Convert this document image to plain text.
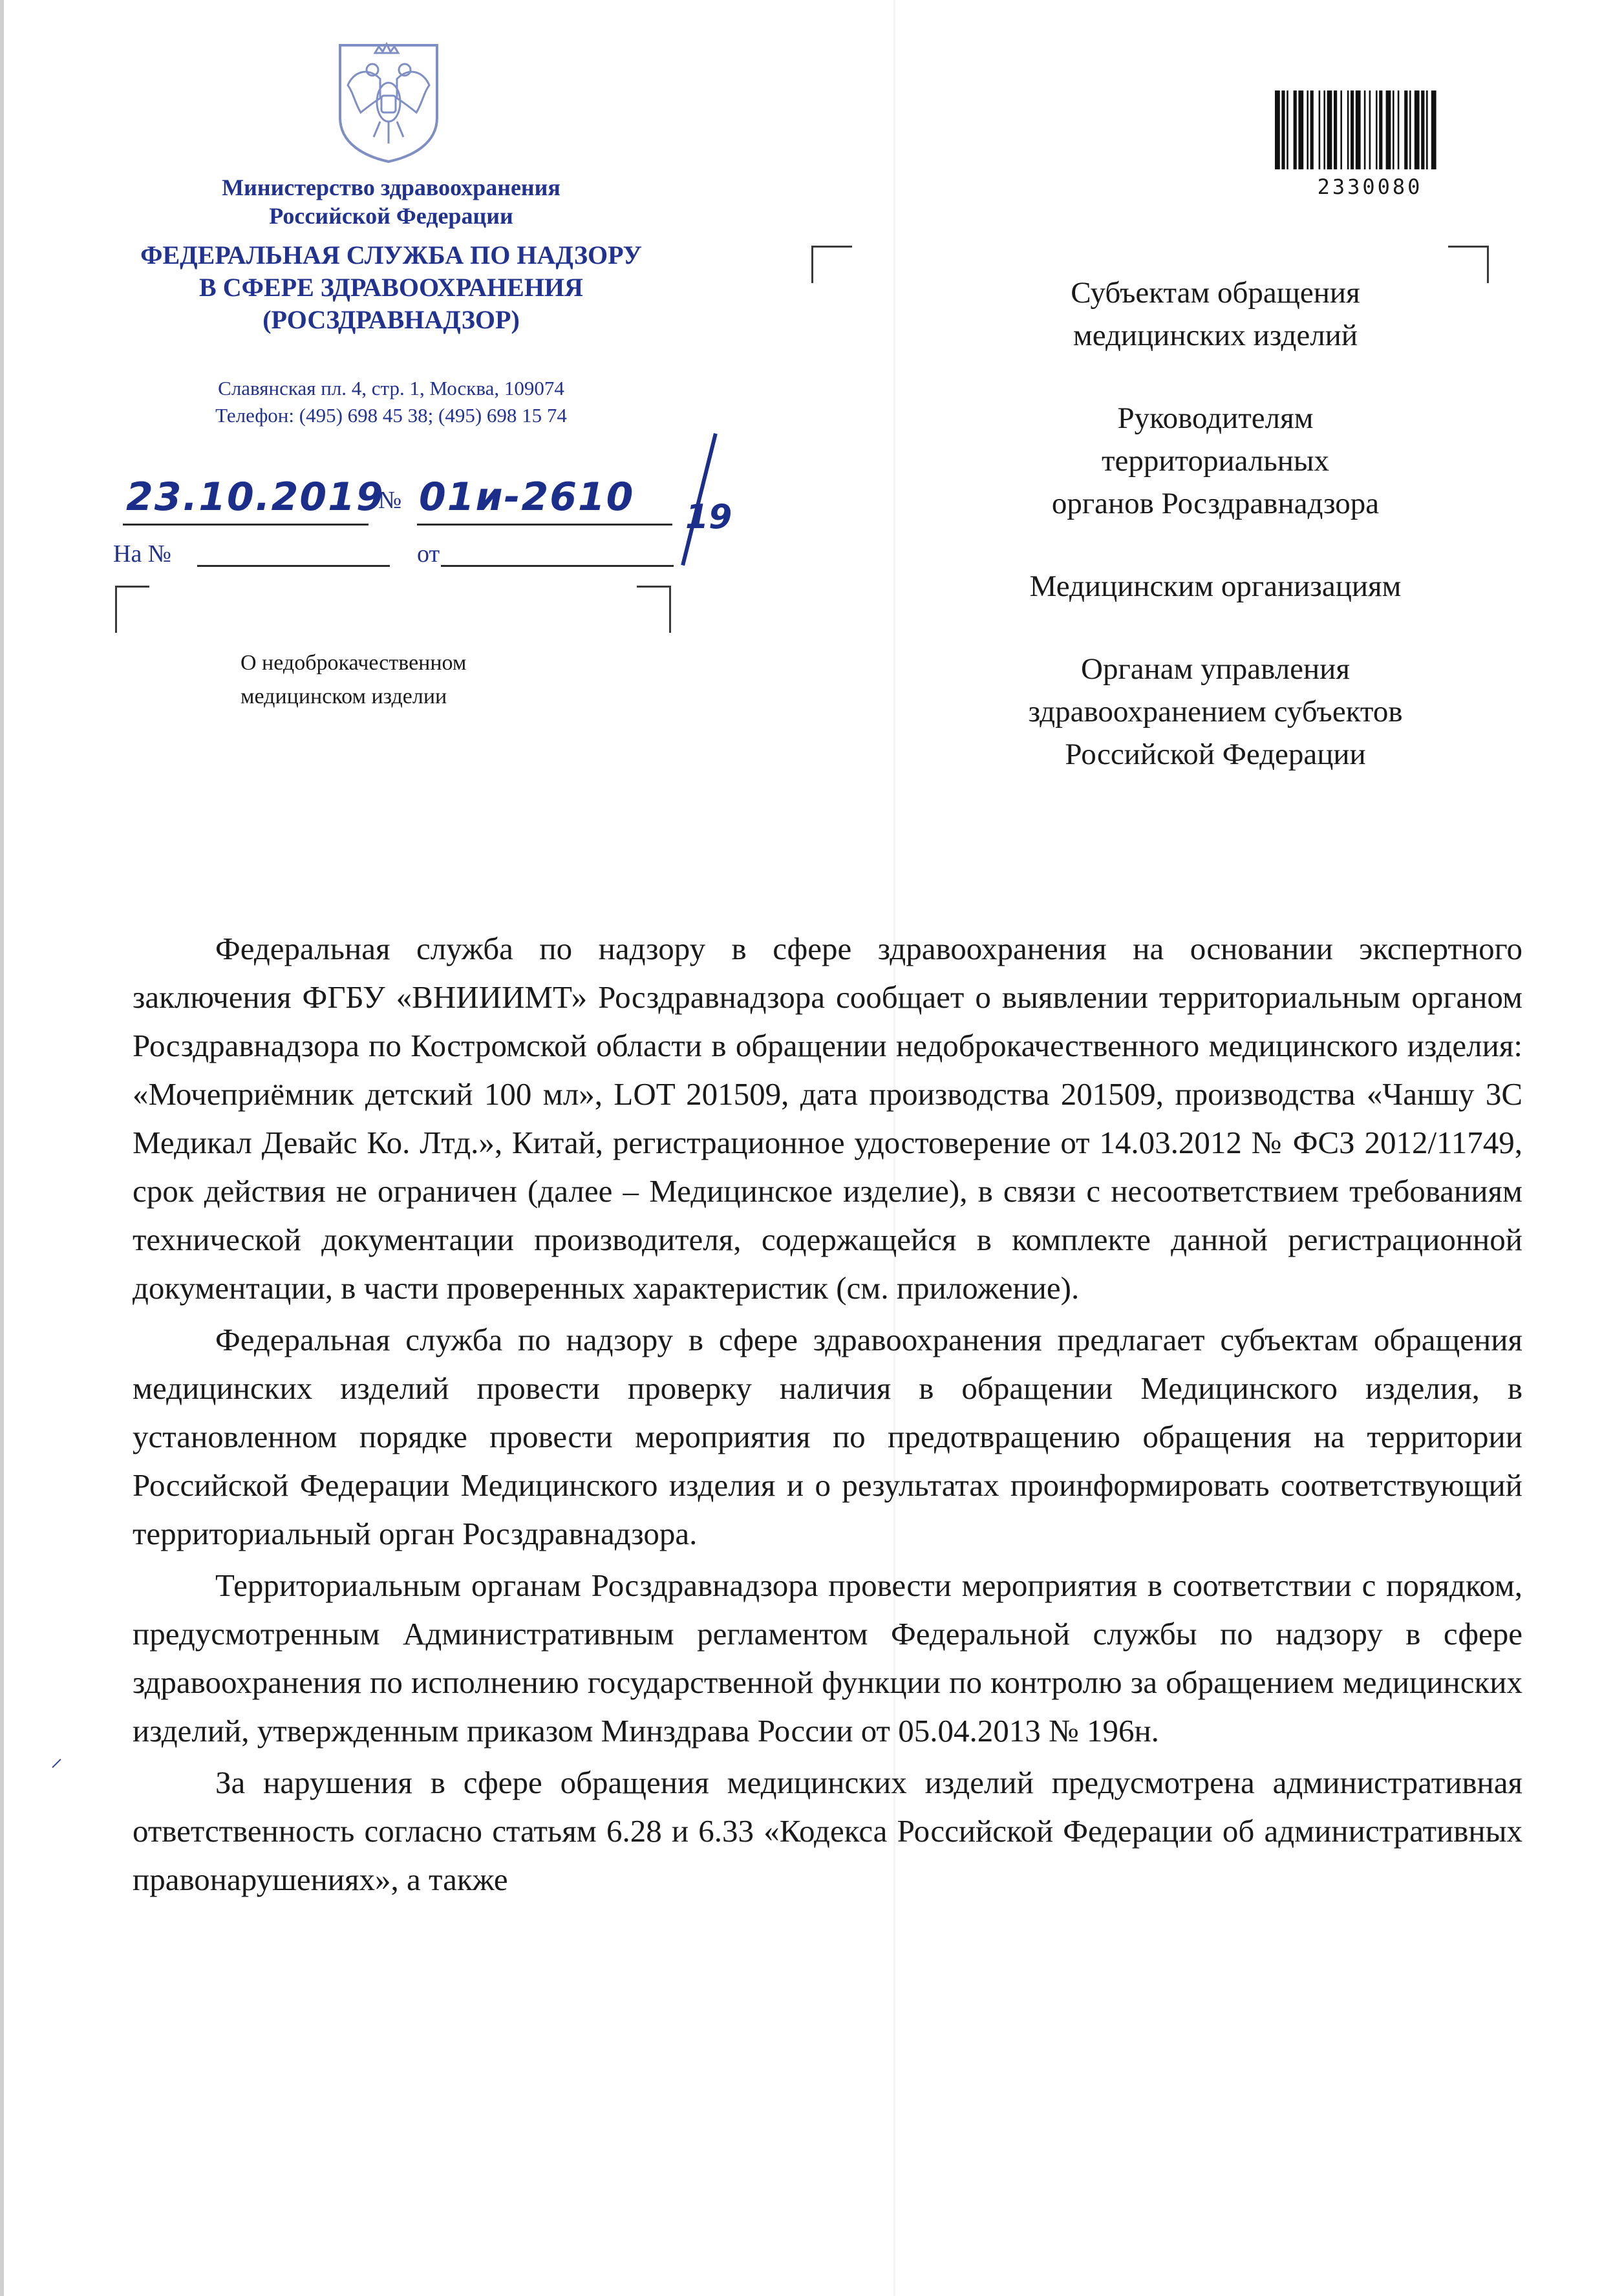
Министерство здравоохранения
Российской Федерации
ФЕДЕРАЛЬНАЯ СЛУЖБА ПО НАДЗОРУ
В СФЕРЕ ЗДРАВООХРАНЕНИЯ
(РОСЗДРАВНАДЗОР)
Славянская пл. 4, стр. 1, Москва, 109074
Телефон: (495) 698 45 38; (495) 698 15 74
23.10.2019
№ 01и-2610 19
На №	от
О недоброкачественном
медицинском изделии
2330080
Субъектам обращения
медицинских изделий
Руководителям
территориальных
органов Росздравнадзора
Медицинским организациям
Органам управления
здравоохранением субъектов
Российской Федерации

Федеральная служба по надзору в сфере здравоохранения на основании экспертного заключения ФГБУ «ВНИИИМТ» Росздравнадзора сообщает о выявлении территориальным органом Росздравнадзора по Костромской области в обращении недоброкачественного медицинского изделия: «Мочеприёмник детский 100 мл», LOT 201509, дата производства 201509, производства «Чаншу 3С Медикал Девайс Ко. Лтд.», Китай, регистрационное удостоверение от 14.03.2012 № ФСЗ 2012/11749, срок действия не ограничен (далее – Медицинское изделие), в связи с несоответствием требованиям технической документации производителя, содержащейся в комплекте данной регистрационной документации, в части проверенных характеристик (см. приложение).

Федеральная служба по надзору в сфере здравоохранения предлагает субъектам обращения медицинских изделий провести проверку наличия в обращении Медицинского изделия, в установленном порядке провести мероприятия по предотвращению обращения на территории Российской Федерации Медицинского изделия и о результатах проинформировать соответствующий территориальный орган Росздравнадзора.

Территориальным органам Росздравнадзора провести мероприятия в соответствии с порядком, предусмотренным Административным регламентом Федеральной службы по надзору в сфере здравоохранения по исполнению государственной функции по контролю за обращением медицинских изделий, утвержденным приказом Минздрава России от 05.04.2013 № 196н.

За нарушения в сфере обращения медицинских изделий предусмотрена административная ответственность согласно статьям 6.28 и 6.33 «Кодекса Российской Федерации об административных правонарушениях», а также

⸝
